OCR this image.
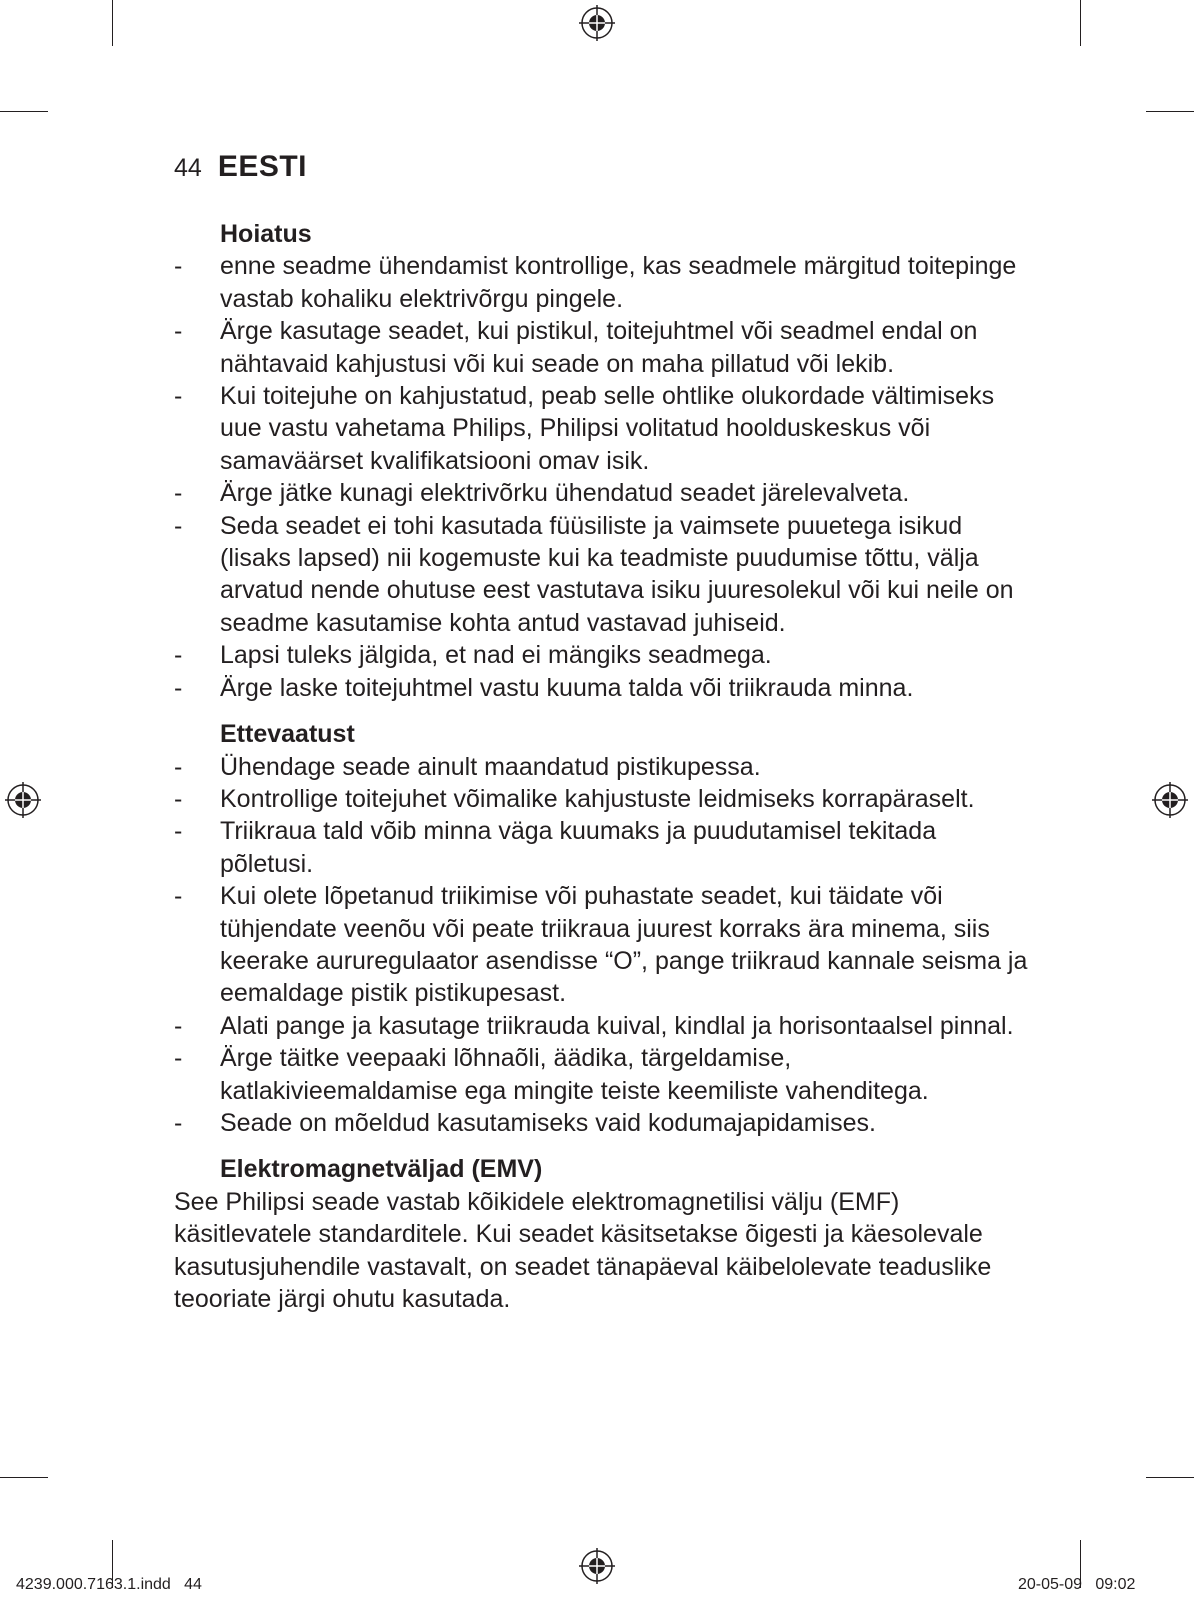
44 EESTI
Hoiatus
- enne seadme ühendamist kontrollige, kas seadmele märgitud toitepinge vastab kohaliku elektrivõrgu pingele.
- Ärge kasutage seadet, kui pistikul, toitejuhtmel või seadmel endal on nähtavaid kahjustusi või kui seade on maha pillatud või lekib.
- Kui toitejuhe on kahjustatud, peab selle ohtlike olukordade vältimiseks uue vastu vahetama Philips, Philipsi volitatud hoolduskeskus või samaväärset kvalifikatsiooni omav isik.
- Ärge jätke kunagi elektrivõrku ühendatud seadet järelevalveta.
- Seda seadet ei tohi kasutada füüsiliste ja vaimsete puuetega isikud (lisaks lapsed) nii kogemuste kui ka teadmiste puudumise tõttu, välja arvatud nende ohutuse eest vastutava isiku juuresolekul või kui neile on seadme kasutamise kohta antud vastavad juhiseid.
- Lapsi tuleks jälgida, et nad ei mängiks seadmega.
- Ärge laske toitejuhtmel vastu kuuma talda või triikrauda minna.
Ettevaatust
- Ühendage seade ainult maandatud pistikupessa.
- Kontrollige toitejuhet võimalike kahjustuste leidmiseks korrapäraselt.
- Triikraua tald võib minna väga kuumaks ja puudutamisel tekitada põletusi.
- Kui olete lõpetanud triikimise või puhastate seadet, kui täidate või tühjendate veenõu või peate triikraua juurest korraks ära minema, siis keerake aururegulaator asendisse “O”, pange triikraud kannale seisma ja eemaldage pistik pistikupesast.
- Alati pange ja kasutage triikrauda kuival, kindlal ja horisontaalsel pinnal.
- Ärge täitke veepaaki lõhnaõli, äädika, tärgeldamise, katlakivieemaldamise ega mingite teiste keemiliste vahenditega.
- Seade on mõeldud kasutamiseks vaid kodumajapidamises.
Elektromagnetväljad (EMV)

See Philipsi seade vastab kõikidele elektromagnetilisi välju (EMF) käsitlevatele standarditele. Kui seadet käsitsetakse õigesti ja käesolevale kasutusjuhendile vastavalt, on seadet tänapäeval käibelolevate teaduslike teooriate järgi ohutu kasutada.

4239.000.7163.1.indd   44	20-05-09   09:02
